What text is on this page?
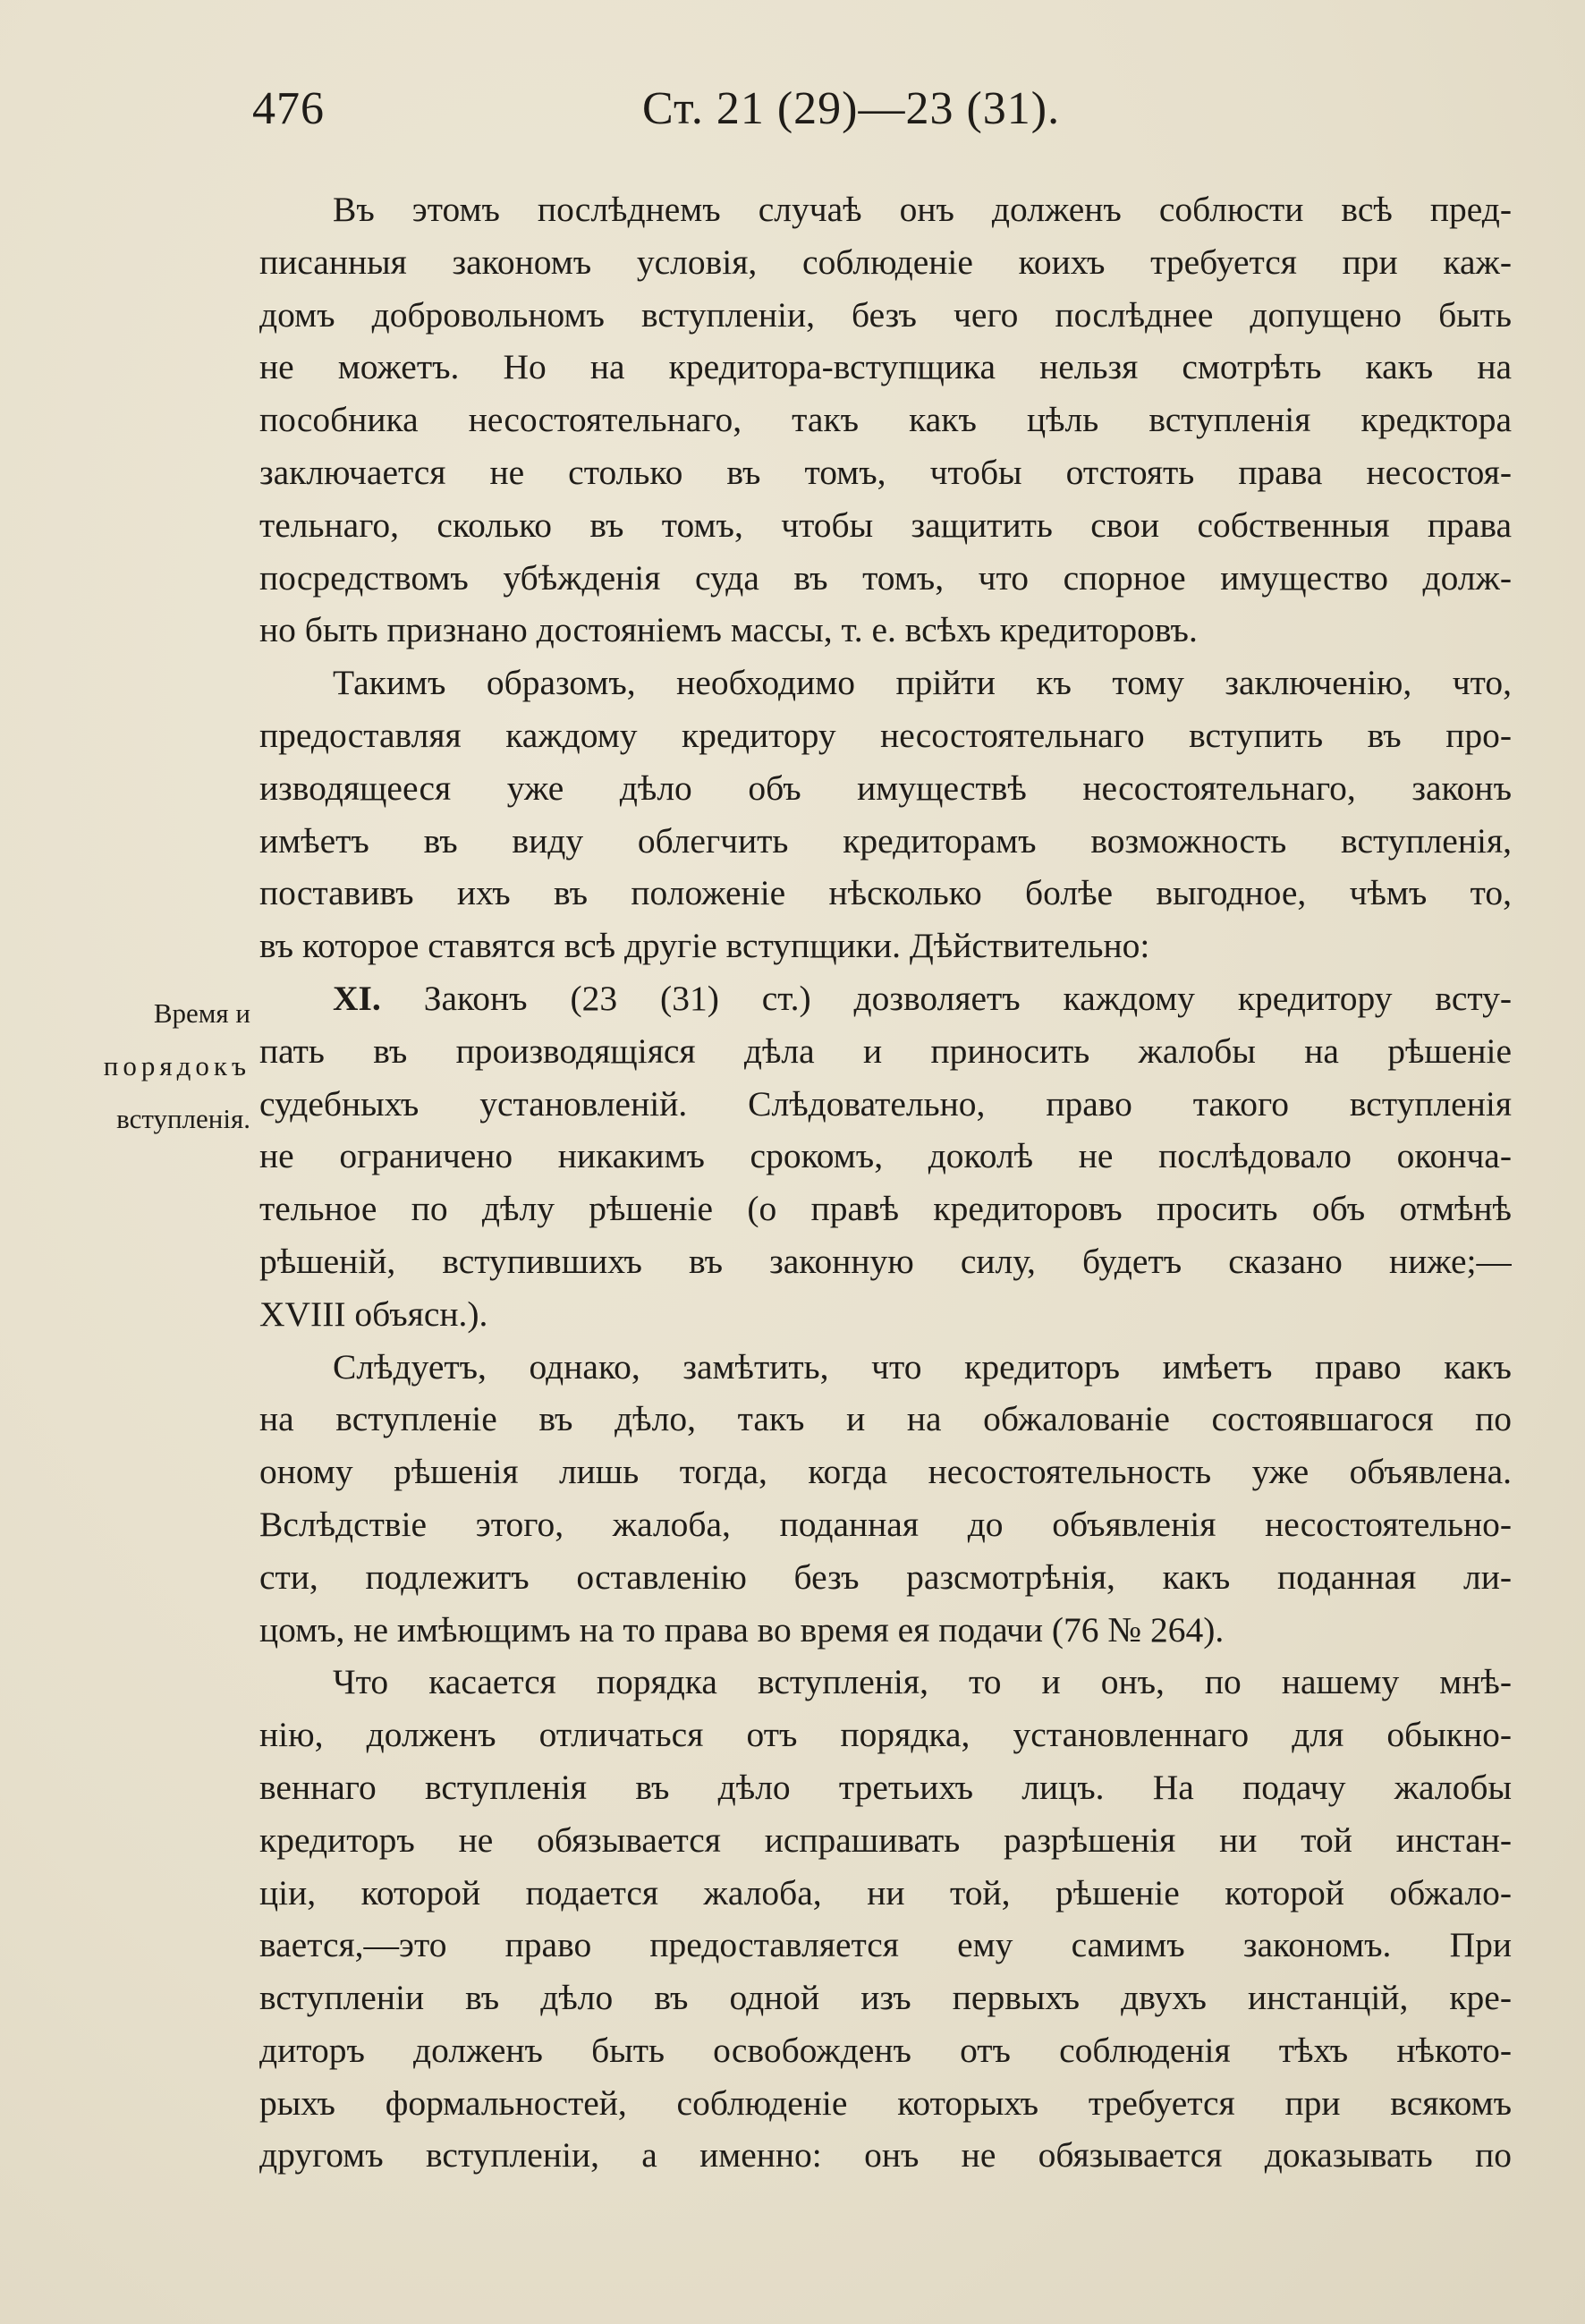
476	Ст. 21 (29)—23 (31).
Время и
порядокъ
вступленія.

Въ этомъ послѣднемъ случаѣ онъ долженъ соблюсти всѣ пред-
писанныя закономъ условія, соблюденіе коихъ требуется при каж-
домъ добровольномъ вступленіи, безъ чего послѣднее допущено быть
не можетъ. Но на кредитора-вступщика нельзя смотрѣть какъ на
пособника несостоятельнаго, такъ какъ цѣль вступленія кредктора
заключается не столько въ томъ, чтобы отстоять права несостоя-
тельнаго, сколько въ томъ, чтобы защитить свои собственныя права
посредствомъ убѣжденія суда въ томъ, что спорное имущество долж-
но быть признано достояніемъ массы, т. е. всѣхъ кредиторовъ.

Такимъ образомъ, необходимо прійти къ тому заключенію, что,
предоставляя каждому кредитору несостоятельнаго вступить въ про-
изводящееся уже дѣло объ имуществѣ несостоятельнаго, законъ
имѣетъ въ виду облегчить кредиторамъ возможность вступленія,
поставивъ ихъ въ положеніе нѣсколько болѣе выгодное, чѣмъ то,
въ которое ставятся всѣ другіе вступщики. Дѣйствительно:

XI. Законъ (23 (31) ст.) дозволяетъ каждому кредитору всту-
пать въ производящіяся дѣла и приносить жалобы на рѣшеніе
судебныхъ установленій. Слѣдовательно, право такого вступленія
не ограничено никакимъ срокомъ, доколѣ не послѣдовало оконча-
тельное по дѣлу рѣшеніе (о правѣ кредиторовъ просить объ отмѣнѣ
рѣшеній, вступившихъ въ законную силу, будетъ сказано ниже;—
XVIII объясн.).

Слѣдуетъ, однако, замѣтить, что кредиторъ имѣетъ право какъ
на вступленіе въ дѣло, такъ и на обжалованіе состоявшагося по
оному рѣшенія лишь тогда, когда несостоятельность уже объявлена.
Вслѣдствіе этого, жалоба, поданная до объявленія несостоятельно-
сти, подлежитъ оставленію безъ разсмотрѣнія, какъ поданная ли-
цомъ, не имѣющимъ на то права во время ея подачи (76 № 264).

Что касается порядка вступленія, то и онъ, по нашему мнѣ-
нію, долженъ отличаться отъ порядка, установленнаго для обыкно-
веннаго вступленія въ дѣло третьихъ лицъ. На подачу жалобы
кредиторъ не обязывается испрашивать разрѣшенія ни той инстан-
ціи, которой подается жалоба, ни той, рѣшеніе которой обжало-
вается,—это право предоставляется ему самимъ закономъ. При
вступленіи въ дѣло въ одной изъ первыхъ двухъ инстанцій, кре-
диторъ долженъ быть освобожденъ отъ соблюденія тѣхъ нѣкото-
рыхъ формальностей, соблюденіе которыхъ требуется при всякомъ
другомъ вступленіи, а именно: онъ не обязывается доказывать по
